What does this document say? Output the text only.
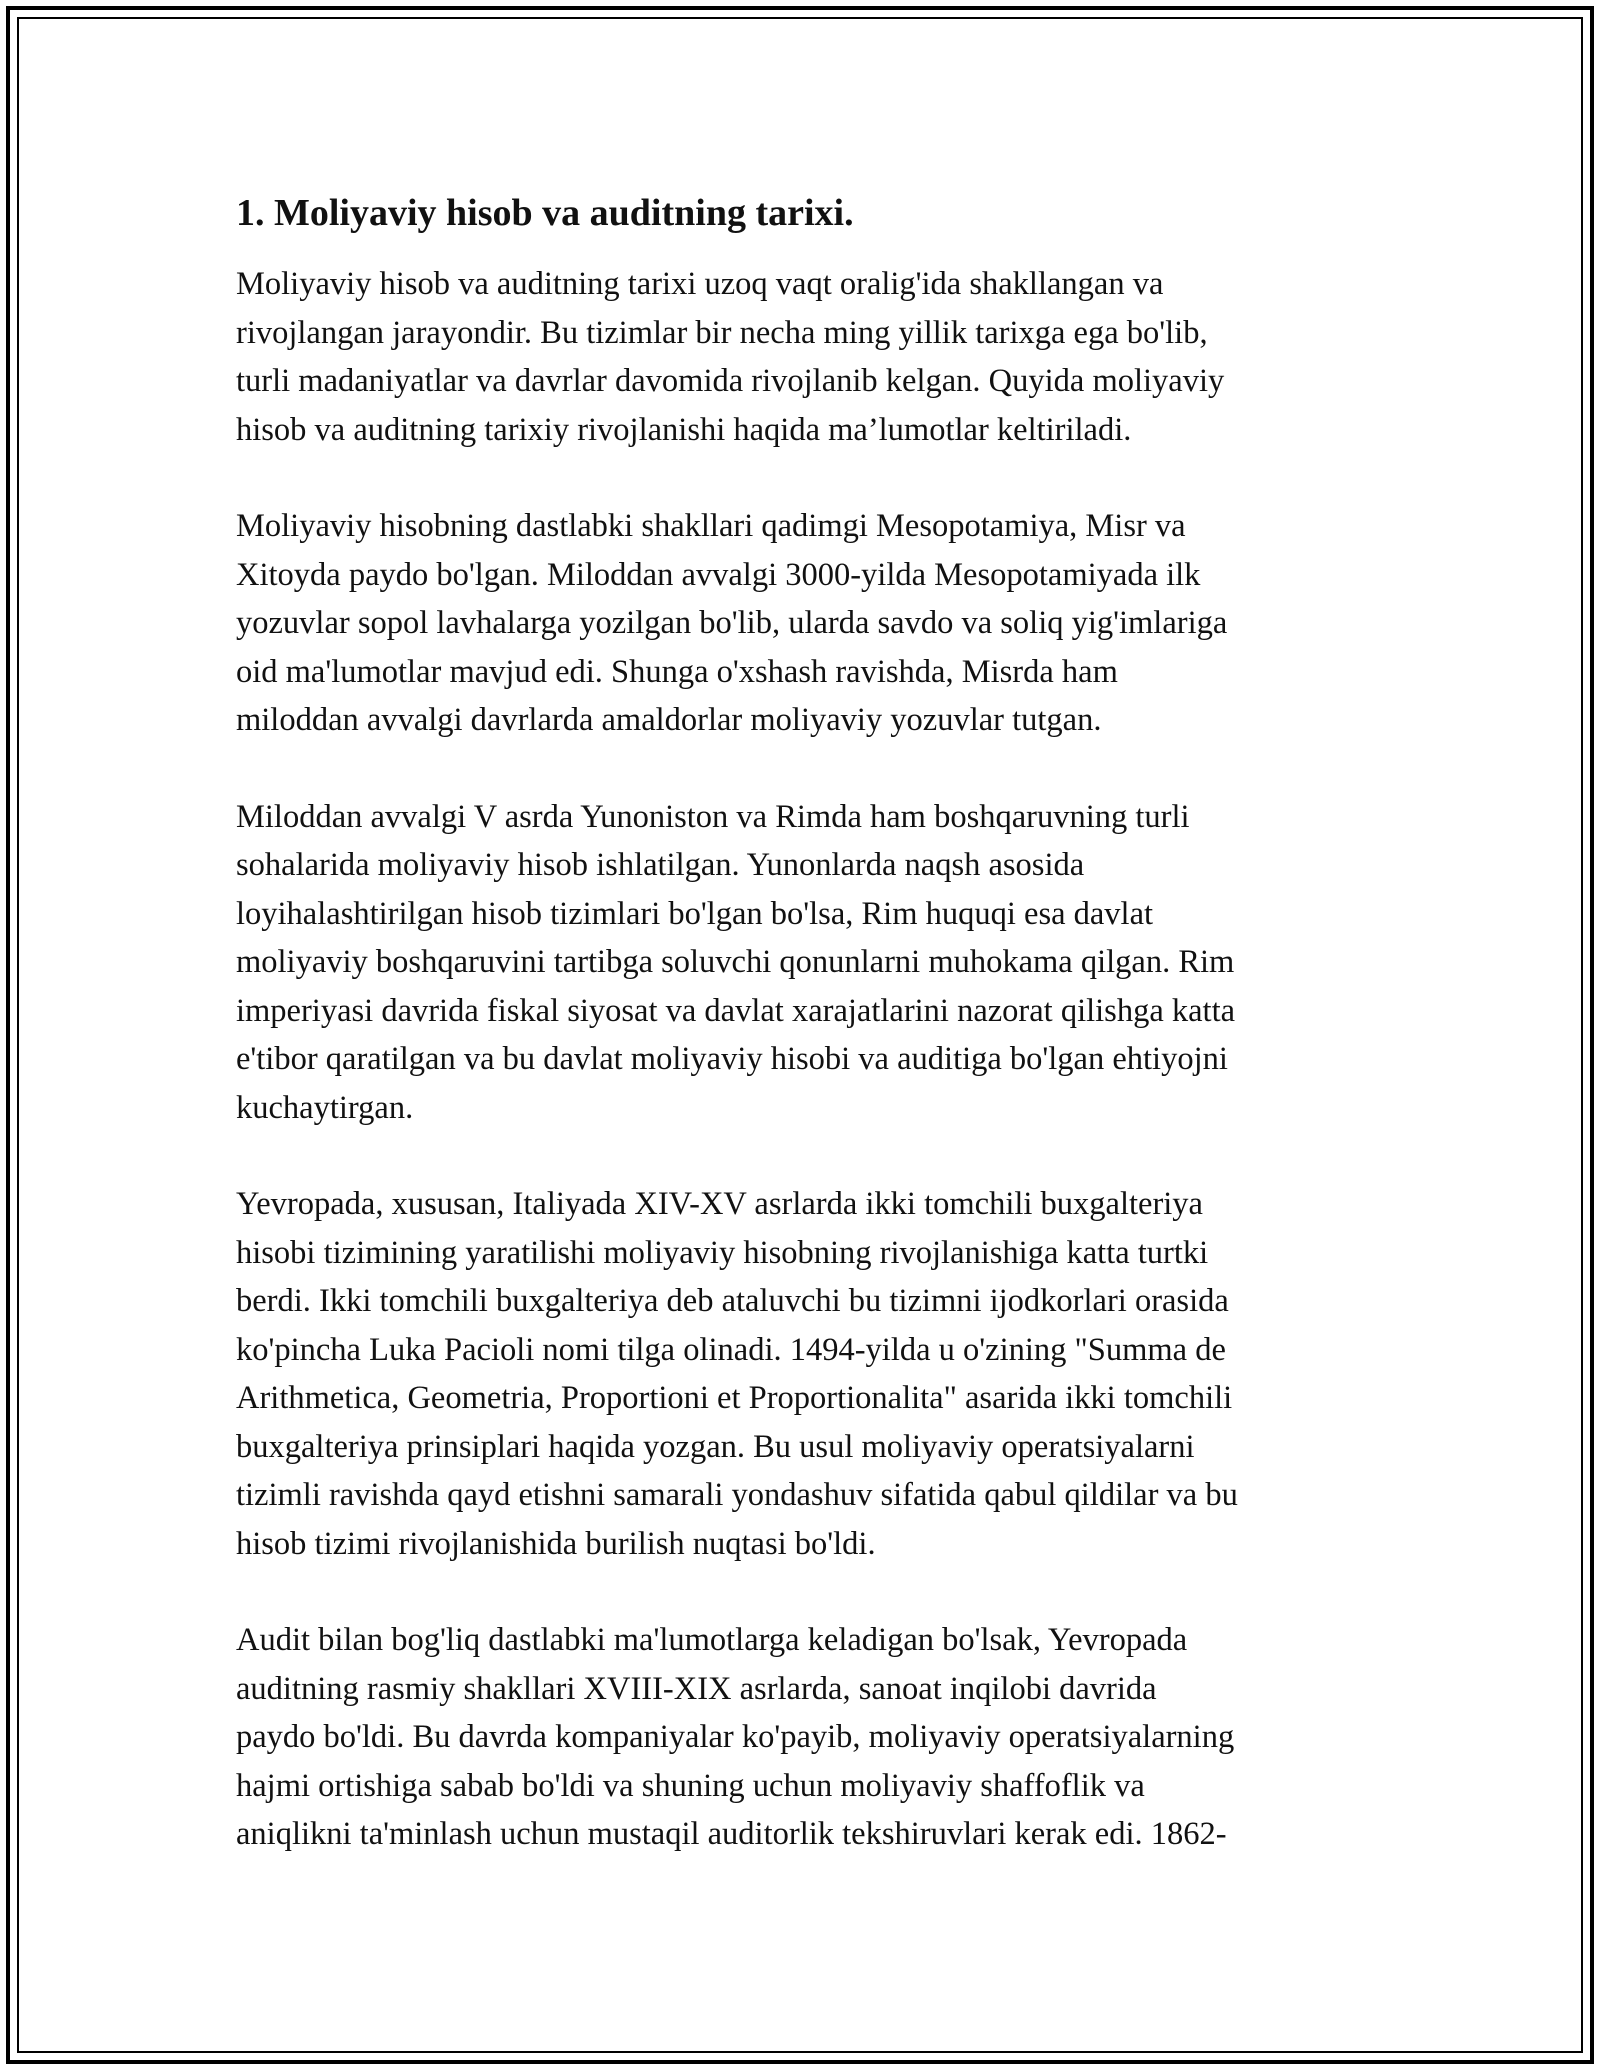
1. Moliyaviy hisob va auditning tarixi.
Moliyaviy hisob va auditning tarixi uzoq vaqt oralig'ida shakllangan va
rivojlangan jarayondir. Bu tizimlar bir necha ming yillik tarixga ega bo'lib,
turli madaniyatlar va davrlar davomida rivojlanib kelgan. Quyida moliyaviy
hisob va auditning tarixiy rivojlanishi haqida ma’lumotlar keltiriladi.
Moliyaviy hisobning dastlabki shakllari qadimgi Mesopotamiya, Misr va
Xitoyda paydo bo'lgan. Miloddan avvalgi 3000-yilda Mesopotamiyada ilk
yozuvlar sopol lavhalarga yozilgan bo'lib, ularda savdo va soliq yig'imlariga
oid ma'lumotlar mavjud edi. Shunga o'xshash ravishda, Misrda ham
miloddan avvalgi davrlarda amaldorlar moliyaviy yozuvlar tutgan.
Miloddan avvalgi V asrda Yunoniston va Rimda ham boshqaruvning turli
sohalarida moliyaviy hisob ishlatilgan. Yunonlarda naqsh asosida
loyihalashtirilgan hisob tizimlari bo'lgan bo'lsa, Rim huquqi esa davlat
moliyaviy boshqaruvini tartibga soluvchi qonunlarni muhokama qilgan. Rim
imperiyasi davrida fiskal siyosat va davlat xarajatlarini nazorat qilishga katta
e'tibor qaratilgan va bu davlat moliyaviy hisobi va auditiga bo'lgan ehtiyojni
kuchaytirgan.
Yevropada, xususan, Italiyada XIV-XV asrlarda ikki tomchili buxgalteriya
hisobi tizimining yaratilishi moliyaviy hisobning rivojlanishiga katta turtki
berdi. Ikki tomchili buxgalteriya deb ataluvchi bu tizimni ijodkorlari orasida
ko'pincha Luka Pacioli nomi tilga olinadi. 1494-yilda u o'zining "Summa de
Arithmetica, Geometria, Proportioni et Proportionalita" asarida ikki tomchili
buxgalteriya prinsiplari haqida yozgan. Bu usul moliyaviy operatsiyalarni
tizimli ravishda qayd etishni samarali yondashuv sifatida qabul qildilar va bu
hisob tizimi rivojlanishida burilish nuqtasi bo'ldi.
Audit bilan bog'liq dastlabki ma'lumotlarga keladigan bo'lsak, Yevropada
auditning rasmiy shakllari XVIII-XIX asrlarda, sanoat inqilobi davrida
paydo bo'ldi. Bu davrda kompaniyalar ko'payib, moliyaviy operatsiyalarning
hajmi ortishiga sabab bo'ldi va shuning uchun moliyaviy shaffoflik va
aniqlikni ta'minlash uchun mustaqil auditorlik tekshiruvlari kerak edi. 1862-
